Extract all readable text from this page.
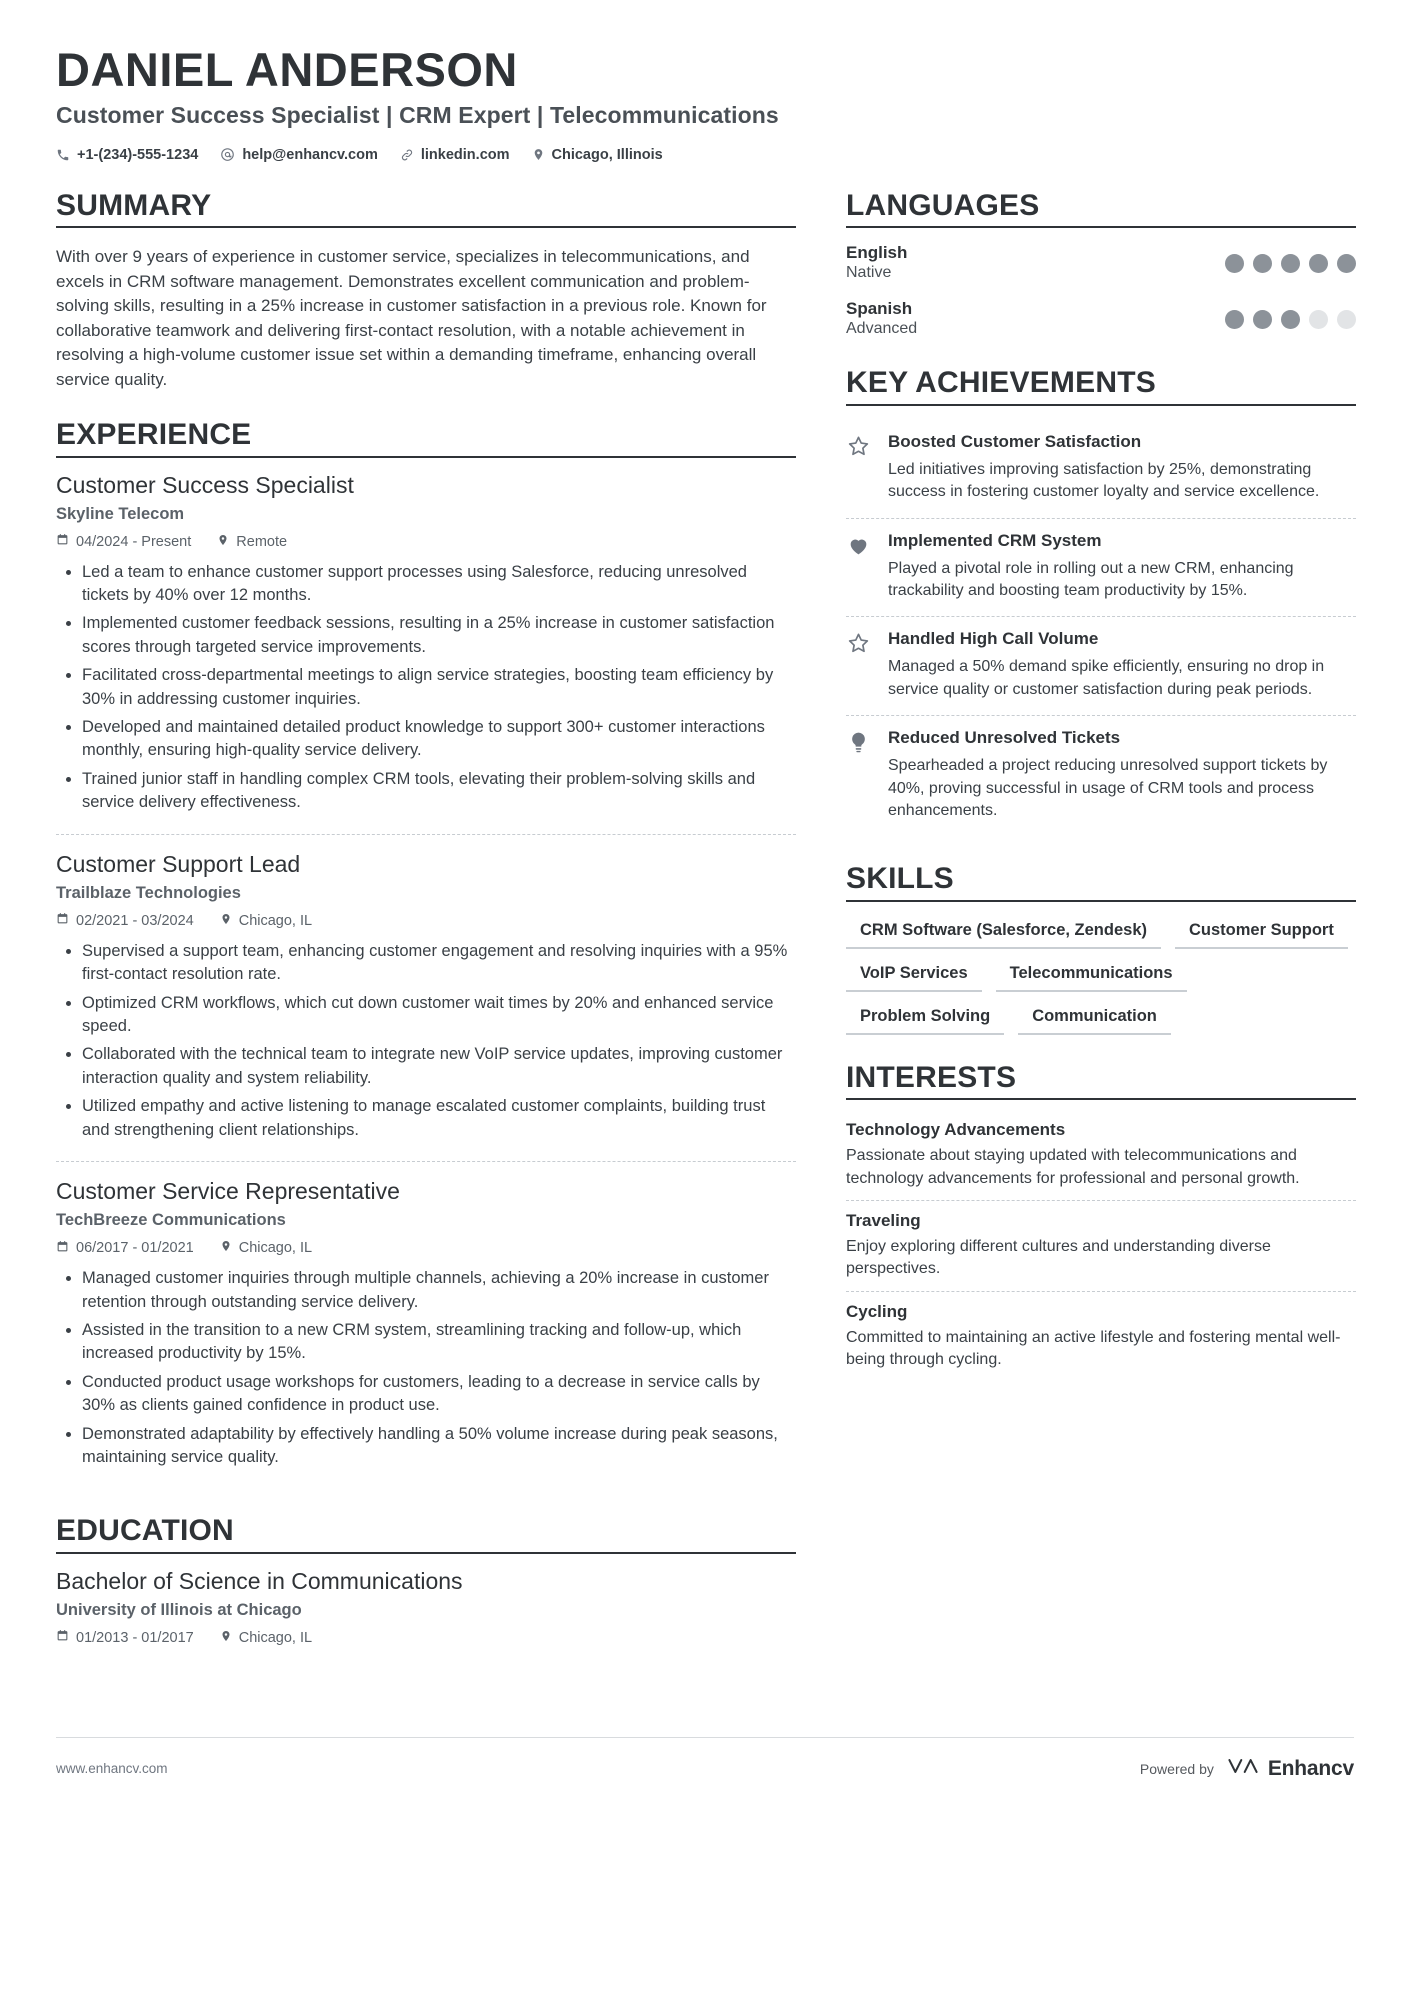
DANIEL ANDERSON
Customer Success Specialist | CRM Expert | Telecommunications
+1-(234)-555-1234	help@enhancv.com	linkedin.com	Chicago, Illinois
SUMMARY

With over 9 years of experience in customer service, specializes in telecommunications, and excels in CRM software management. Demonstrates excellent communication and problem-solving skills, resulting in a 25% increase in customer satisfaction in a previous role. Known for collaborative teamwork and delivering first-contact resolution, with a notable achievement in resolving a high-volume customer issue set within a demanding timeframe, enhancing overall service quality.

EXPERIENCE
Customer Success Specialist
Skyline Telecom
04/2024 - Present	Remote
Led a team to enhance customer support processes using Salesforce, reducing unresolved tickets by 40% over 12 months.
Implemented customer feedback sessions, resulting in a 25% increase in customer satisfaction scores through targeted service improvements.
Facilitated cross-departmental meetings to align service strategies, boosting team efficiency by 30% in addressing customer inquiries.
Developed and maintained detailed product knowledge to support 300+ customer interactions monthly, ensuring high-quality service delivery.
Trained junior staff in handling complex CRM tools, elevating their problem-solving skills and service delivery effectiveness.
Customer Support Lead
Trailblaze Technologies
02/2021 - 03/2024	Chicago, IL
Supervised a support team, enhancing customer engagement and resolving inquiries with a 95% first-contact resolution rate.
Optimized CRM workflows, which cut down customer wait times by 20% and enhanced service speed.
Collaborated with the technical team to integrate new VoIP service updates, improving customer interaction quality and system reliability.
Utilized empathy and active listening to manage escalated customer complaints, building trust and strengthening client relationships.
Customer Service Representative
TechBreeze Communications
06/2017 - 01/2021	Chicago, IL
Managed customer inquiries through multiple channels, achieving a 20% increase in customer retention through outstanding service delivery.
Assisted in the transition to a new CRM system, streamlining tracking and follow-up, which increased productivity by 15%.
Conducted product usage workshops for customers, leading to a decrease in service calls by 30% as clients gained confidence in product use.
Demonstrated adaptability by effectively handling a 50% volume increase during peak seasons, maintaining service quality.
EDUCATION
Bachelor of Science in Communications
University of Illinois at Chicago
01/2013 - 01/2017	Chicago, IL
LANGUAGES
English
Native
Spanish
Advanced
KEY ACHIEVEMENTS
Boosted Customer Satisfaction
Led initiatives improving satisfaction by 25%, demonstrating success in fostering customer loyalty and service excellence.
Implemented CRM System
Played a pivotal role in rolling out a new CRM, enhancing trackability and boosting team productivity by 15%.
Handled High Call Volume
Managed a 50% demand spike efficiently, ensuring no drop in service quality or customer satisfaction during peak periods.
Reduced Unresolved Tickets
Spearheaded a project reducing unresolved support tickets by 40%, proving successful in usage of CRM tools and process enhancements.
SKILLS
CRM Software (Salesforce, Zendesk)	Customer Support
VoIP Services	Telecommunications
Problem Solving	Communication
INTERESTS
Technology Advancements
Passionate about staying updated with telecommunications and technology advancements for professional and personal growth.
Traveling
Enjoy exploring different cultures and understanding diverse perspectives.
Cycling
Committed to maintaining an active lifestyle and fostering mental well-being through cycling.
www.enhancv.com	Powered by	Enhancv
